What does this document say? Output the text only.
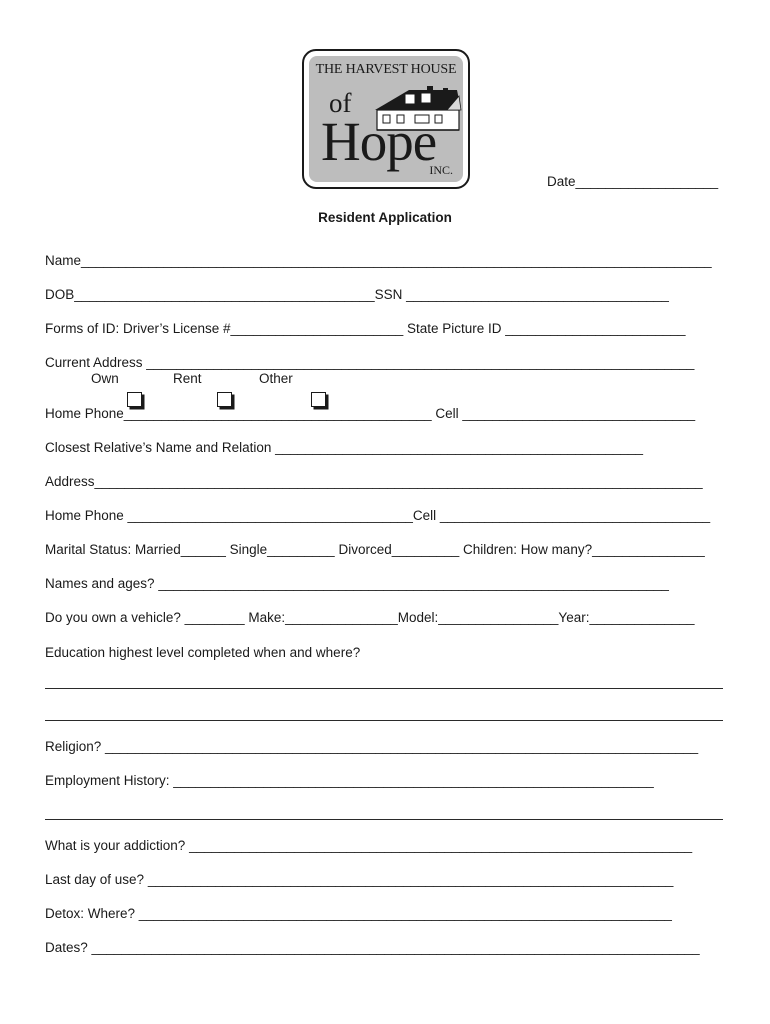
THE HARVEST HOUSE
of
Hope
INC.
Date___________________
Resident Application
Name____________________________________________________________________________________
DOB________________________________________SSN ___________________________________
Forms of ID: Driver’s License #_______________________ State Picture ID ________________________
Current Address _________________________________________________________________________
Own	Rent	Other
Home Phone_________________________________________ Cell _______________________________
Closest Relative’s Name and Relation _________________________________________________
Address_________________________________________________________________________________
Home Phone ______________________________________Cell ____________________________________
Marital Status: Married______ Single_________ Divorced_________ Children: How many?_______________
Names and ages? ____________________________________________________________________
Do you own a vehicle? ________ Make:_______________Model:________________Year:______________
Education highest level completed when and where?
Religion? _______________________________________________________________________________
Employment History: ________________________________________________________________
What is your addiction? ___________________________________________________________________
Last day of use? ______________________________________________________________________
Detox: Where? _______________________________________________________________________
Dates? _________________________________________________________________________________
